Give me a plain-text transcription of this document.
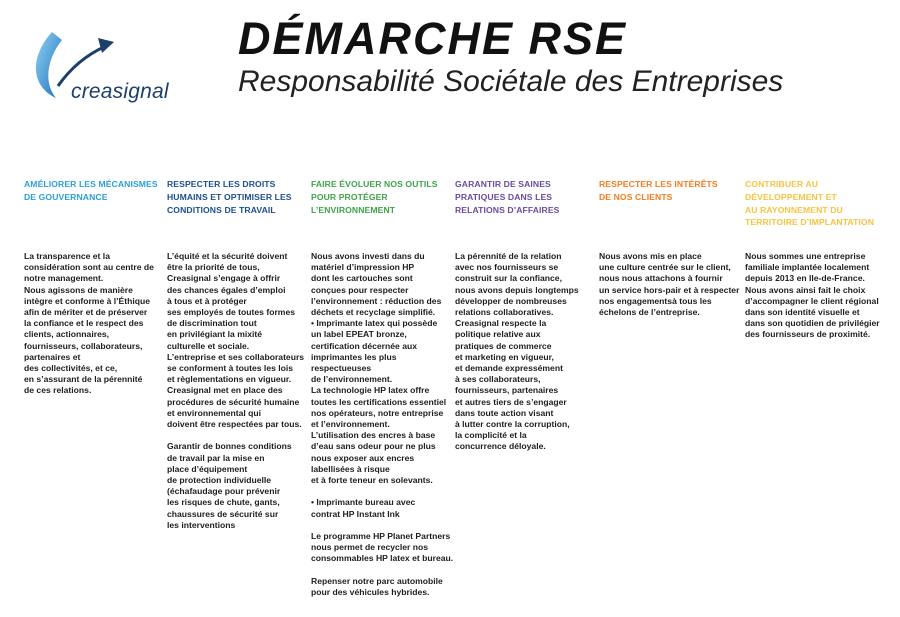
creasignal
DÉMARCHE RSE

Responsabilité Sociétale des Entreprises

AMÉLIORER LES MÉCANISMES
DE GOUVERNANCE
La transparence et la
considération sont au centre de
notre management.
Nous agissons de manière
intègre et conforme à l’Éthique
afin de mériter et de préserver
la confiance et le respect des
clients, actionnaires,
fournisseurs, collaborateurs,
partenaires et
des collectivités, et ce,
en s’assurant de la pérennité
de ces relations.
RESPECTER LES DROITS
HUMAINS ET OPTIMISER LES
CONDITIONS DE TRAVAIL
L’équité et la sécurité doivent
être la priorité de tous,
Creasignal s’engage à offrir
des chances égales d’emploi
à tous et à protéger
ses employés de toutes formes
de discrimination tout
en privilégiant la mixité
culturelle et sociale.
L’entreprise et ses collaborateurs
se conforment à toutes les lois
et règlementations en vigueur.
Creasignal met en place des
procédures de sécurité humaine
et environnemental qui
doivent être respectées par tous.

Garantir de bonnes conditions
de travail par la mise en
place d’équipement
de protection individuelle
(échafaudage pour prévenir
les risques de chute, gants,
chaussures de sécurité sur
les interventions
FAIRE ÉVOLUER NOS OUTILS
POUR PROTÉGER
L’ENVIRONNEMENT
Nous avons investi dans du
matériel d’impression HP
dont les cartouches sont
conçues pour respecter
l’environnement : réduction des
déchets et recyclage simplifié.
• Imprimante latex qui possède
un label EPEAT bronze,
certification décernée aux
imprimantes les plus
respectueuses
de l’environnement.
La technologie HP latex offre
toutes les certifications essentiel
nos opérateurs, notre entreprise
et l’environnement.
L’utilisation des encres à base
d’eau sans odeur pour ne plus
nous exposer aux encres
labellisées à risque
et à forte teneur en solevants.

• Imprimante bureau avec
contrat HP Instant Ink

Le programme HP Planet Partners
nous permet de recycler nos
consommables HP latex et bureau.

Repenser notre parc automobile
pour des véhicules hybrides.
GARANTIR DE SAINES
PRATIQUES DANS LES
RELATIONS D’AFFAIRES
La pérennité de la relation
avec nos fournisseurs se
construit sur la confiance,
nous avons depuis longtemps
développer de nombreuses
relations collaboratives.
Creasignal respecte la
politique relative aux
pratiques de commerce
et marketing en vigueur,
et demande expressément
à ses collaborateurs,
fournisseurs, partenaires
et autres tiers de s’engager
dans toute action visant
à lutter contre la corruption,
la complicité et la
concurrence déloyale.
RESPECTER LES INTÉRÊTS
DE NOS CLIENTS
Nous avons mis en place
une culture centrée sur le client,
nous nous attachons à fournir
un service hors-pair et à respecter
nos engagementsà tous les
échelons de l’entreprise.
CONTRIBUER AU
DÉVELOPPEMENT ET
AU RAYONNEMENT DU
TERRITOIRE D’IMPLANTATION
Nous sommes une entreprise
familiale implantée localement
depuis 2013 en Ile-de-France.
Nous avons ainsi fait le choix
d’accompagner le client régional
dans son identité visuelle et
dans son quotidien de privilégier
des fournisseurs de proximité.
